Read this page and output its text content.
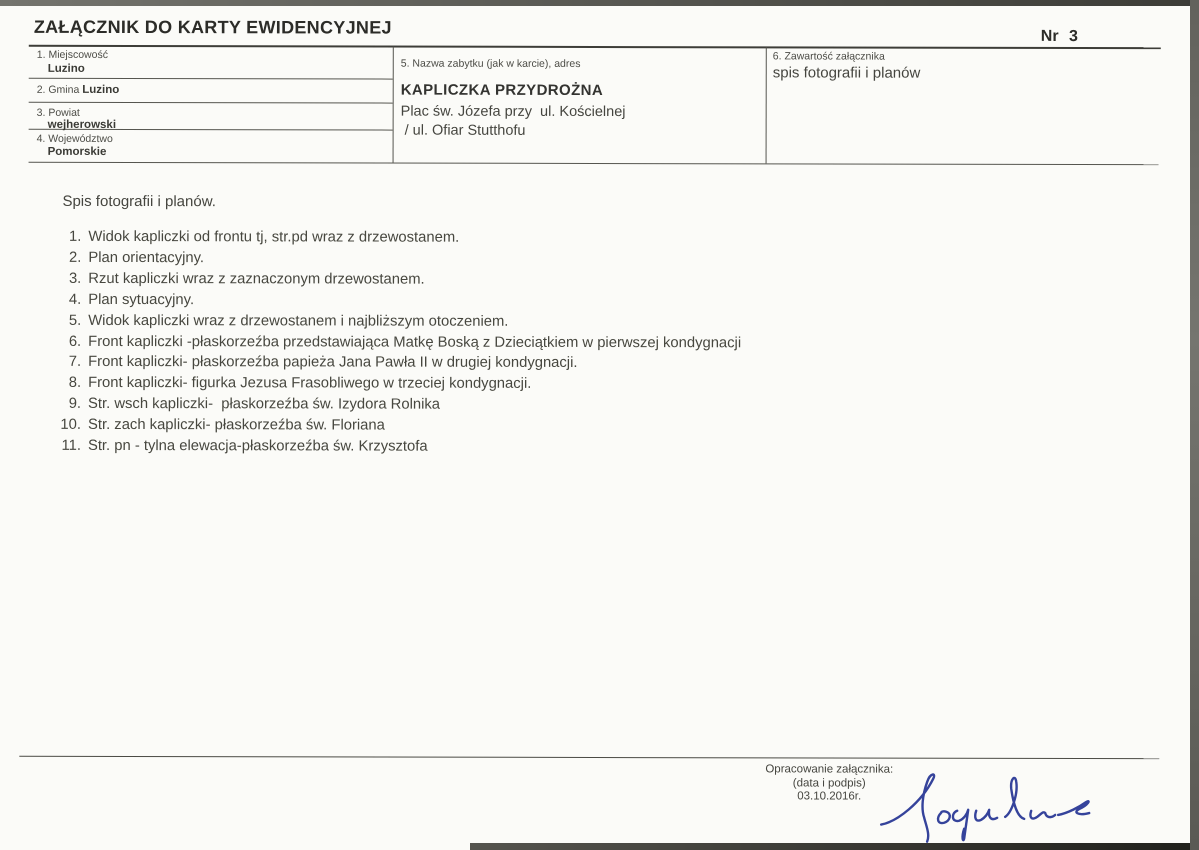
ZAŁĄCZNIK DO KARTY EWIDENCYJNEJ	Nr 3
1. Miejscowość
Luzino
2. Gmina Luzino
3. Powiat
wejherowski
4. Województwo
Pomorskie
5. Nazwa zabytku (jak w karcie), adres
KAPLICZKA PRZYDROŻNA
Plac św. Józefa przy  ul. Kościelnej
/ ul. Ofiar Stutthofu
6. Zawartość załącznika
spis fotografii i planów
Spis fotografii i planów.
1. Widok kapliczki od frontu tj, str.pd wraz z drzewostanem.
2. Plan orientacyjny.
3. Rzut kapliczki wraz z zaznaczonym drzewostanem.
4. Plan sytuacyjny.
5. Widok kapliczki wraz z drzewostanem i najbliższym otoczeniem.
6. Front kapliczki -płaskorzeźba przedstawiająca Matkę Boską z Dzieciątkiem w pierwszej kondygnacji
7. Front kapliczki- płaskorzeźba papieża Jana Pawła II w drugiej kondygnacji.
8. Front kapliczki- figurka Jezusa Frasobliwego w trzeciej kondygnacji.
9. Str. wsch kapliczki-  płaskorzeźba św. Izydora Rolnika
10. Str. zach kapliczki- płaskorzeźba św. Floriana
11. Str. pn - tylna elewacja-płaskorzeźba św. Krzysztofa
Opracowanie załącznika:
(data i podpis)
03.10.2016r.
